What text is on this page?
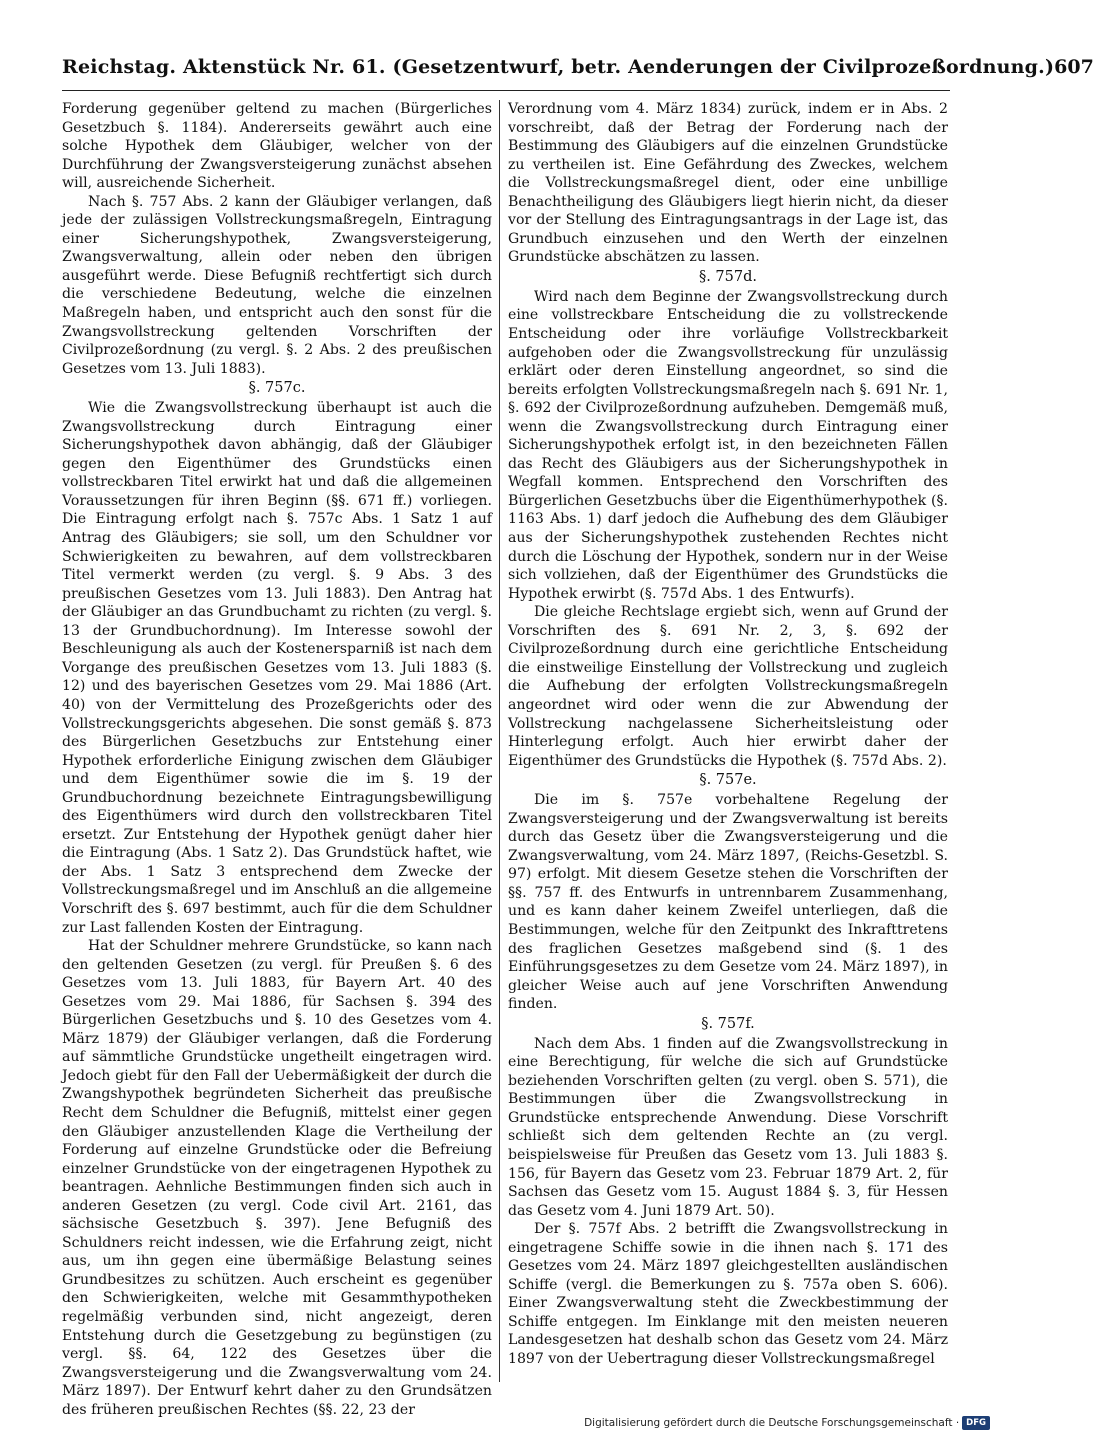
Reichstag. Aktenstück Nr. 61. (Gesetzentwurf, betr. Aenderungen der Civilprozeßordnung.) 607

Forderung gegenüber geltend zu machen (Bürgerliches Gesetzbuch §. 1184). Andererseits gewährt auch eine solche Hypothek dem Gläubiger, welcher von der Durchführung der Zwangsversteigerung zunächst absehen will, ausreichende Sicherheit.

Nach §. 757 Abs. 2 kann der Gläubiger verlangen, daß jede der zulässigen Vollstreckungsmaßregeln, Eintragung einer Sicherungshypothek, Zwangsversteigerung, Zwangsverwaltung, allein oder neben den übrigen ausgeführt werde. Diese Befugniß rechtfertigt sich durch die verschiedene Bedeutung, welche die einzelnen Maßregeln haben, und entspricht auch den sonst für die Zwangsvollstreckung geltenden Vorschriften der Civilprozeßordnung (zu vergl. §. 2 Abs. 2 des preußischen Gesetzes vom 13. Juli 1883).

§. 757c.

Wie die Zwangsvollstreckung überhaupt ist auch die Zwangsvollstreckung durch Eintragung einer Sicherungshypothek davon abhängig, daß der Gläubiger gegen den Eigenthümer des Grundstücks einen vollstreckbaren Titel erwirkt hat und daß die allgemeinen Voraussetzungen für ihren Beginn (§§. 671 ff.) vorliegen. Die Eintragung erfolgt nach §. 757c Abs. 1 Satz 1 auf Antrag des Gläubigers; sie soll, um den Schuldner vor Schwierigkeiten zu bewahren, auf dem vollstreckbaren Titel vermerkt werden (zu vergl. §. 9 Abs. 3 des preußischen Gesetzes vom 13. Juli 1883). Den Antrag hat der Gläubiger an das Grundbuchamt zu richten (zu vergl. §. 13 der Grundbuchordnung). Im Interesse sowohl der Beschleunigung als auch der Kostenersparniß ist nach dem Vorgange des preußischen Gesetzes vom 13. Juli 1883 (§. 12) und des bayerischen Gesetzes vom 29. Mai 1886 (Art. 40) von der Vermittelung des Prozeßgerichts oder des Vollstreckungsgerichts abgesehen. Die sonst gemäß §. 873 des Bürgerlichen Gesetzbuchs zur Entstehung einer Hypothek erforderliche Einigung zwischen dem Gläubiger und dem Eigenthümer sowie die im §. 19 der Grundbuchordnung bezeichnete Eintragungsbewilligung des Eigenthümers wird durch den vollstreckbaren Titel ersetzt. Zur Entstehung der Hypothek genügt daher hier die Eintragung (Abs. 1 Satz 2). Das Grundstück haftet, wie der Abs. 1 Satz 3 entsprechend dem Zwecke der Vollstreckungsmaßregel und im Anschluß an die allgemeine Vorschrift des §. 697 bestimmt, auch für die dem Schuldner zur Last fallenden Kosten der Eintragung.

Hat der Schuldner mehrere Grundstücke, so kann nach den geltenden Gesetzen (zu vergl. für Preußen §. 6 des Gesetzes vom 13. Juli 1883, für Bayern Art. 40 des Gesetzes vom 29. Mai 1886, für Sachsen §. 394 des Bürgerlichen Gesetzbuchs und §. 10 des Gesetzes vom 4. März 1879) der Gläubiger verlangen, daß die Forderung auf sämmtliche Grundstücke ungetheilt eingetragen wird. Jedoch giebt für den Fall der Uebermäßigkeit der durch die Zwangshypothek begründeten Sicherheit das preußische Recht dem Schuldner die Befugniß, mittelst einer gegen den Gläubiger anzustellenden Klage die Vertheilung der Forderung auf einzelne Grundstücke oder die Befreiung einzelner Grundstücke von der eingetragenen Hypothek zu beantragen. Aehnliche Bestimmungen finden sich auch in anderen Gesetzen (zu vergl. Code civil Art. 2161, das sächsische Gesetzbuch §. 397). Jene Befugniß des Schuldners reicht indessen, wie die Erfahrung zeigt, nicht aus, um ihn gegen eine übermäßige Belastung seines Grundbesitzes zu schützen. Auch erscheint es gegenüber den Schwierigkeiten, welche mit Gesammthypotheken regelmäßig verbunden sind, nicht angezeigt, deren Entstehung durch die Gesetzgebung zu begünstigen (zu vergl. §§. 64, 122 des Gesetzes über die Zwangsversteigerung und die Zwangsverwaltung vom 24. März 1897). Der Entwurf kehrt daher zu den Grundsätzen des früheren preußischen Rechtes (§§. 22, 23 der

Verordnung vom 4. März 1834) zurück, indem er in Abs. 2 vorschreibt, daß der Betrag der Forderung nach der Bestimmung des Gläubigers auf die einzelnen Grundstücke zu vertheilen ist. Eine Gefährdung des Zweckes, welchem die Vollstreckungsmaßregel dient, oder eine unbillige Benachtheiligung des Gläubigers liegt hierin nicht, da dieser vor der Stellung des Eintragungsantrags in der Lage ist, das Grundbuch einzusehen und den Werth der einzelnen Grundstücke abschätzen zu lassen.

§. 757d.

Wird nach dem Beginne der Zwangsvollstreckung durch eine vollstreckbare Entscheidung die zu vollstreckende Entscheidung oder ihre vorläufige Vollstreckbarkeit aufgehoben oder die Zwangsvollstreckung für unzulässig erklärt oder deren Einstellung angeordnet, so sind die bereits erfolgten Vollstreckungsmaßregeln nach §. 691 Nr. 1, §. 692 der Civilprozeßordnung aufzuheben. Demgemäß muß, wenn die Zwangsvollstreckung durch Eintragung einer Sicherungshypothek erfolgt ist, in den bezeichneten Fällen das Recht des Gläubigers aus der Sicherungshypothek in Wegfall kommen. Entsprechend den Vorschriften des Bürgerlichen Gesetzbuchs über die Eigenthümerhypothek (§. 1163 Abs. 1) darf jedoch die Aufhebung des dem Gläubiger aus der Sicherungshypothek zustehenden Rechtes nicht durch die Löschung der Hypothek, sondern nur in der Weise sich vollziehen, daß der Eigenthümer des Grundstücks die Hypothek erwirbt (§. 757d Abs. 1 des Entwurfs).

Die gleiche Rechtslage ergiebt sich, wenn auf Grund der Vorschriften des §. 691 Nr. 2, 3, §. 692 der Civilprozeßordnung durch eine gerichtliche Entscheidung die einstweilige Einstellung der Vollstreckung und zugleich die Aufhebung der erfolgten Vollstreckungsmaßregeln angeordnet wird oder wenn die zur Abwendung der Vollstreckung nachgelassene Sicherheitsleistung oder Hinterlegung erfolgt. Auch hier erwirbt daher der Eigenthümer des Grundstücks die Hypothek (§. 757d Abs. 2).

§. 757e.

Die im §. 757e vorbehaltene Regelung der Zwangsversteigerung und der Zwangsverwaltung ist bereits durch das Gesetz über die Zwangsversteigerung und die Zwangsverwaltung, vom 24. März 1897, (Reichs-Gesetzbl. S. 97) erfolgt. Mit diesem Gesetze stehen die Vorschriften der §§. 757 ff. des Entwurfs in untrennbarem Zusammenhang, und es kann daher keinem Zweifel unterliegen, daß die Bestimmungen, welche für den Zeitpunkt des Inkrafttretens des fraglichen Gesetzes maßgebend sind (§. 1 des Einführungsgesetzes zu dem Gesetze vom 24. März 1897), in gleicher Weise auch auf jene Vorschriften Anwendung finden.

§. 757f.

Nach dem Abs. 1 finden auf die Zwangsvollstreckung in eine Berechtigung, für welche die sich auf Grundstücke beziehenden Vorschriften gelten (zu vergl. oben S. 571), die Bestimmungen über die Zwangsvollstreckung in Grundstücke entsprechende Anwendung. Diese Vorschrift schließt sich dem geltenden Rechte an (zu vergl. beispielsweise für Preußen das Gesetz vom 13. Juli 1883 §. 156, für Bayern das Gesetz vom 23. Februar 1879 Art. 2, für Sachsen das Gesetz vom 15. August 1884 §. 3, für Hessen das Gesetz vom 4. Juni 1879 Art. 50).

Der §. 757f Abs. 2 betrifft die Zwangsvollstreckung in eingetragene Schiffe sowie in die ihnen nach §. 171 des Gesetzes vom 24. März 1897 gleichgestellten ausländischen Schiffe (vergl. die Bemerkungen zu §. 757a oben S. 606). Einer Zwangsverwaltung steht die Zweckbestimmung der Schiffe entgegen. Im Einklange mit den meisten neueren Landesgesetzen hat deshalb schon das Gesetz vom 24. März 1897 von der Uebertragung dieser Vollstreckungsmaßregel

Digitalisierung gefördert durch die Deutsche Forschungsgemeinschaft · DFG
